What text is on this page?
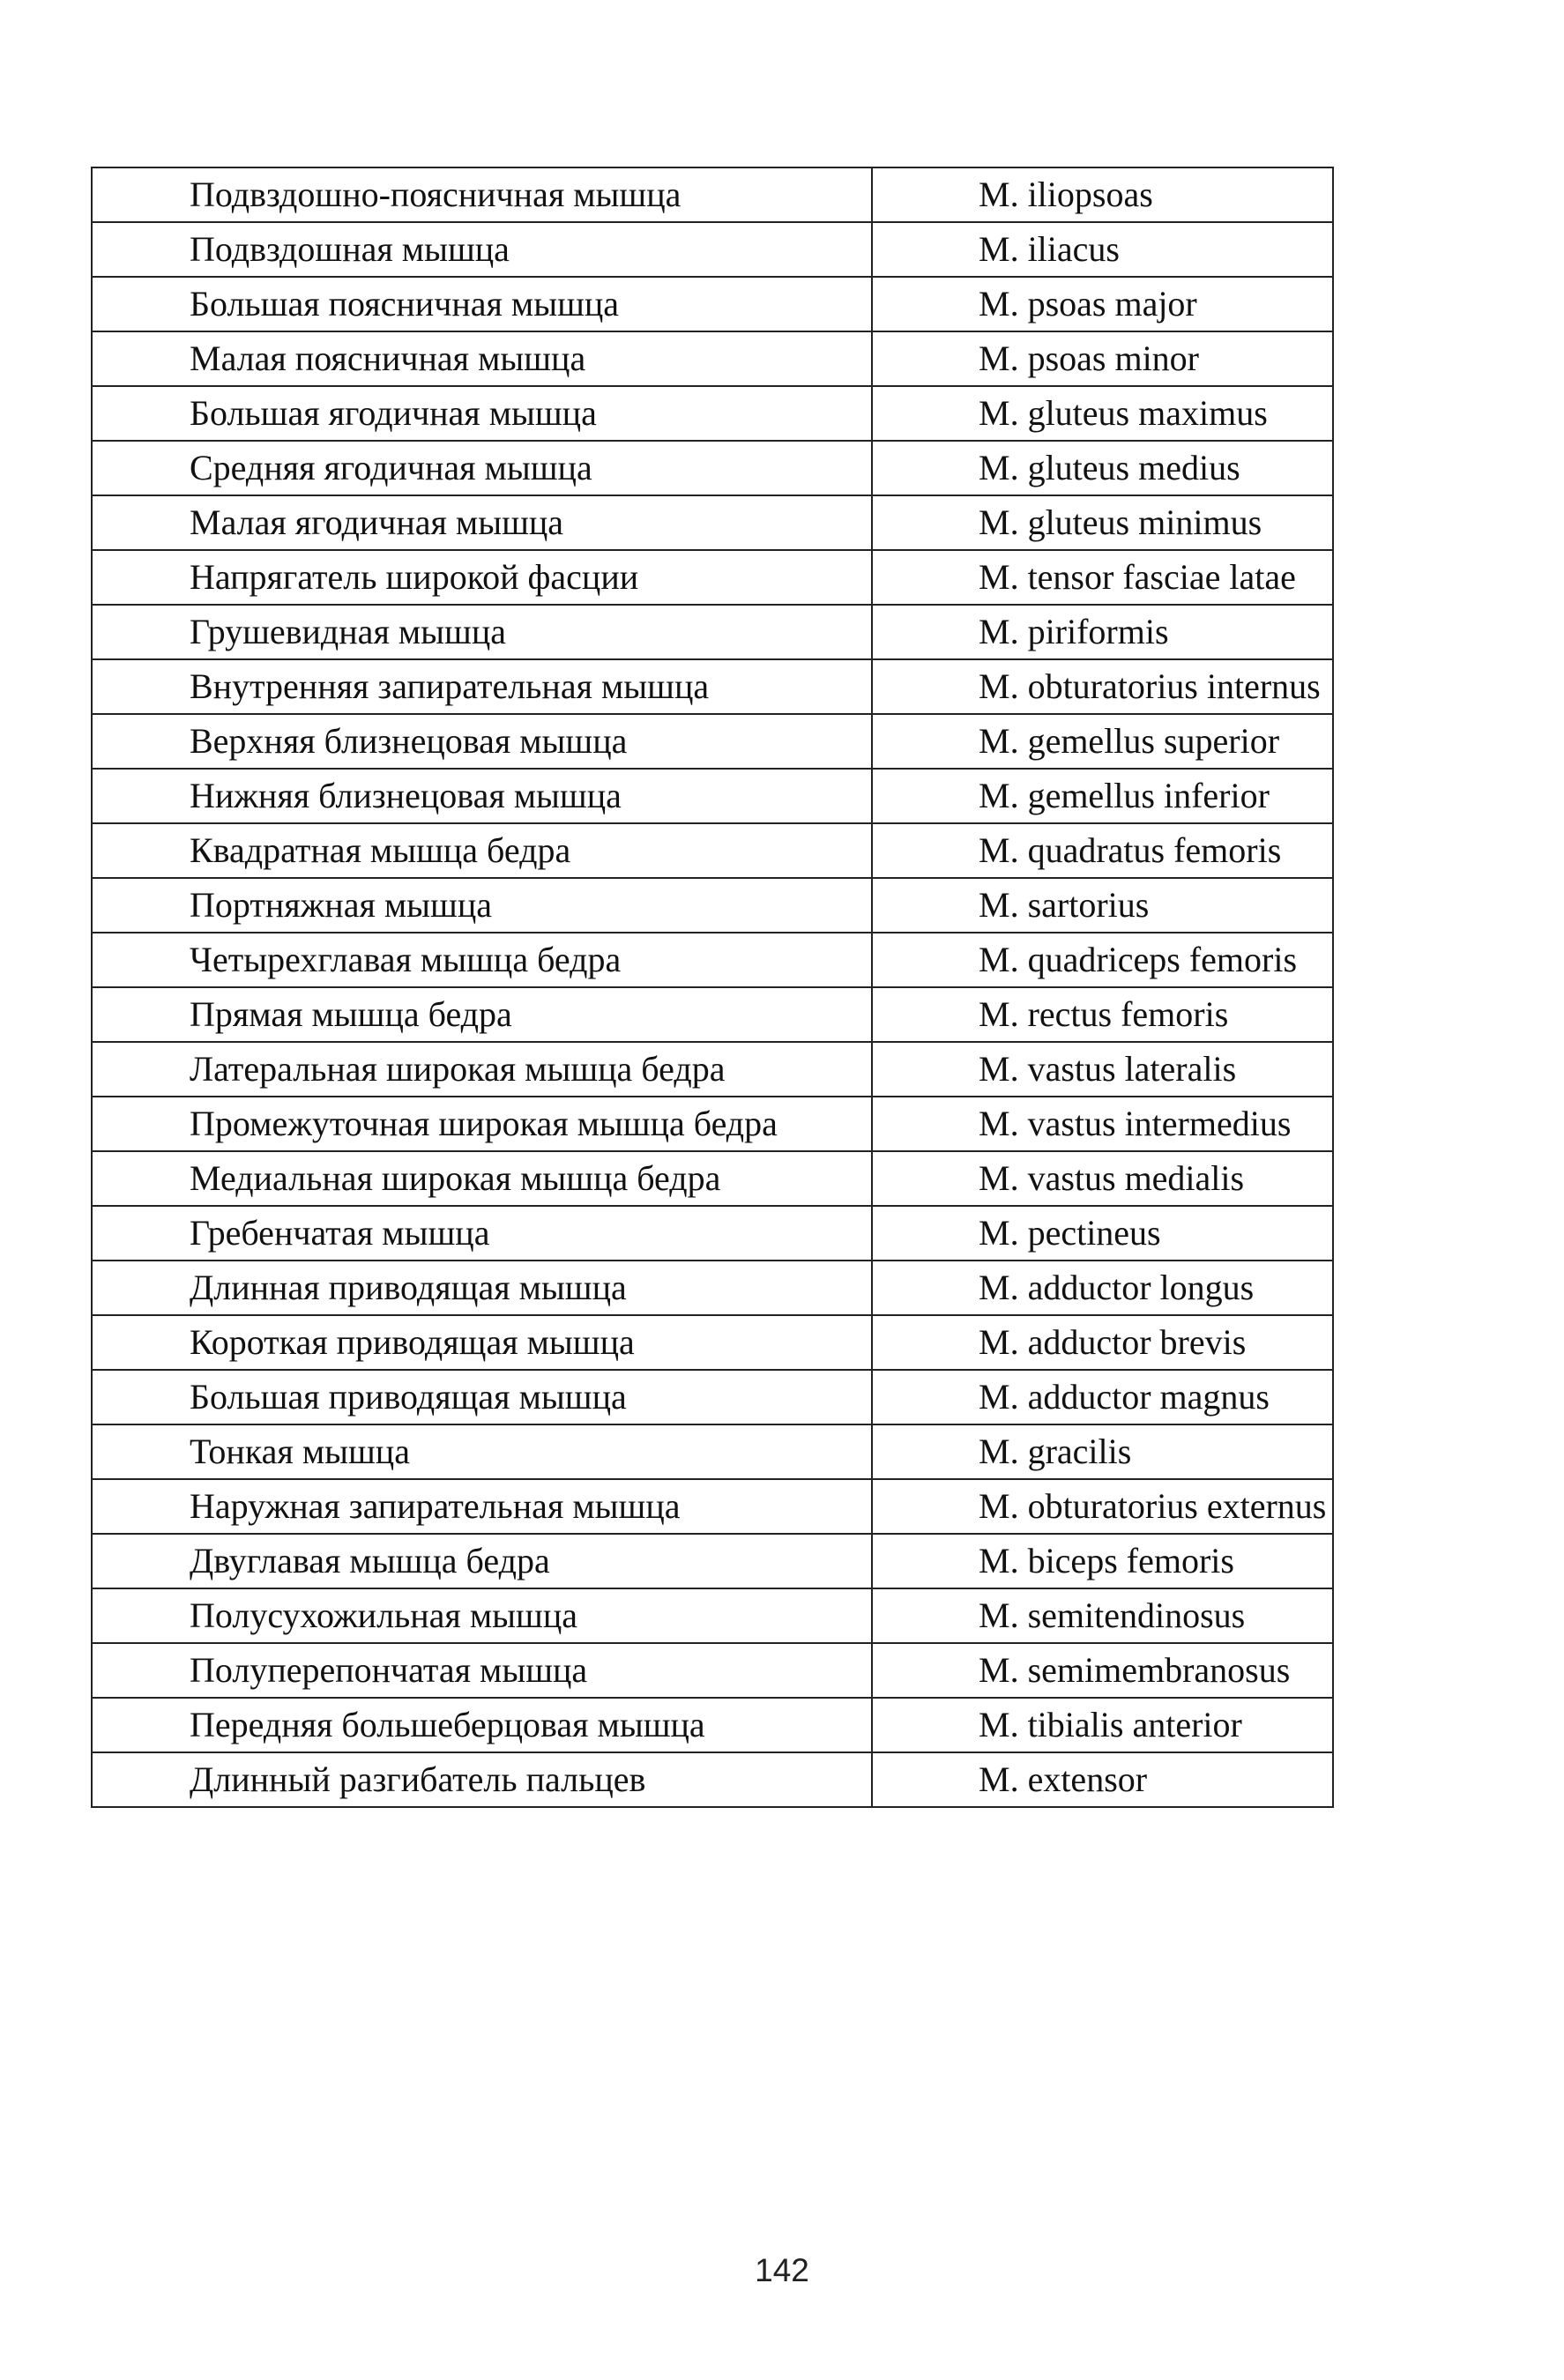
Подвздошно-поясничная мышца	M. iliopsoas
Подвздошная мышца	M. iliacus
Большая поясничная мышца	M. psoas major
Малая поясничная мышца	M. psoas minor
Большая ягодичная мышца	M. gluteus maximus
Средняя ягодичная мышца	M. gluteus medius
Малая ягодичная мышца	M. gluteus minimus
Напрягатель широкой фасции	M. tensor fasciae latae
Грушевидная мышца	M. piriformis
Внутренняя запирательная мышца	M. obturatorius internus
Верхняя близнецовая мышца	M. gemellus superior
Нижняя близнецовая мышца	M. gemellus inferior
Квадратная мышца бедра	M. quadratus femoris
Портняжная мышца	M. sartorius
Четырехглавая мышца бедра	M. quadriceps femoris
Прямая мышца бедра	M. rectus femoris
Латеральная широкая мышца бедра	M. vastus lateralis
Промежуточная широкая мышца бедра	M. vastus intermedius
Медиальная широкая мышца бедра	M. vastus medialis
Гребенчатая мышца	M. pectineus
Длинная приводящая мышца	M. adductor longus
Короткая приводящая мышца	M. adductor brevis
Большая приводящая мышца	M. adductor magnus
Тонкая мышца	M. gracilis
Наружная запирательная мышца	M. obturatorius externus
Двуглавая мышца бедра	M. biceps femoris
Полусухожильная мышца	M. semitendinosus
Полуперепончатая мышца	M. semimembranosus
Передняя большеберцовая мышца	M. tibialis anterior
Длинный разгибатель пальцев	M. extensor
142
